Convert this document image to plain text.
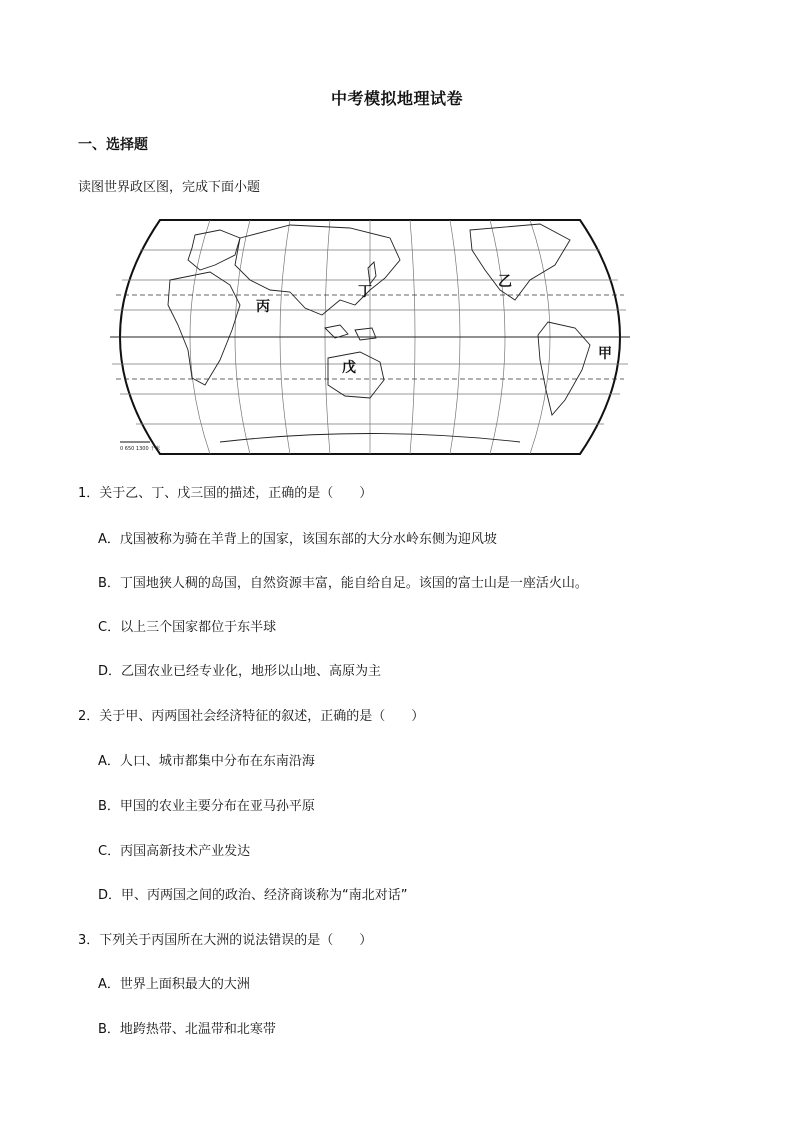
中考模拟地理试卷
一、选择题
读图世界政区图，完成下面小题
甲
乙
丙
丁
戊
0 650 1300 千米
1．关于乙、丁、戊三国的描述，正确的是（　　）
A．戊国被称为骑在羊背上的国家，该国东部的大分水岭东侧为迎风坡
B．丁国地狭人稠的岛国，自然资源丰富，能自给自足。该国的富士山是一座活火山。
C．以上三个国家都位于东半球
D．乙国农业已经专业化，地形以山地、高原为主
2．关于甲、丙两国社会经济特征的叙述，正确的是（　　）
A．人口、城市都集中分布在东南沿海
B．甲国的农业主要分布在亚马孙平原
C．丙国高新技术产业发达
D．甲、丙两国之间的政治、经济商谈称为“南北对话”
3．下列关于丙国所在大洲的说法错误的是（　　）
A．世界上面积最大的大洲
B．地跨热带、北温带和北寒带
